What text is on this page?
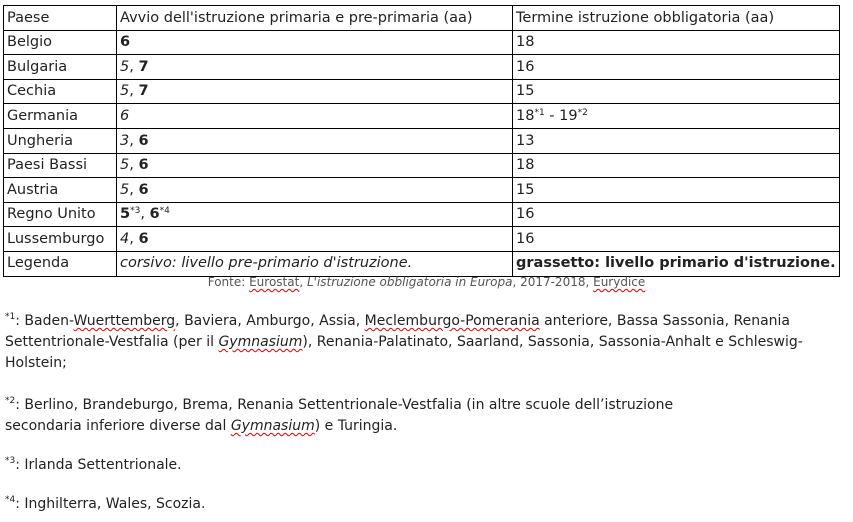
Paese	Avvio dell'istruzione primaria e pre-primaria (aa)	Termine istruzione obbligatoria (aa)
Belgio	6	18
Bulgaria	5, 7	16
Cechia	5, 7	15
Germania	6	18$^{*1}$ - 19$^{*2}$
Ungheria	3, 6	13
Paesi Bassi	5, 6	18
Austria	5, 6	15
Regno Unito	5$^{*3}$, 6$^{*4}$	16
Lussemburgo	4, 6	16
Legenda	corsivo: livello pre-primario d'istruzione.	grassetto: livello primario d'istruzione.
Fonte: Eurostat, L'istruzione obbligatoria in Europa, 2017-2018, Eurydice
$^{*1}$: Baden-Wuerttemberg, Baviera, Amburgo, Assia, Meclemburgo-Pomerania anteriore, Bassa Sassonia, Renania
Settentrionale-Vestfalia (per il Gymnasium), Renania-Palatinato, Saarland, Sassonia, Sassonia-Anhalt e Schleswig-
Holstein;
$^{*2}$: Berlino, Brandeburgo, Brema, Renania Settentrionale-Vestfalia (in altre scuole dell’istruzione
secondaria inferiore diverse dal Gymnasium) e Turingia.
$^{*3}$: Irlanda Settentrionale.
$^{*4}$: Inghilterra, Wales, Scozia.
